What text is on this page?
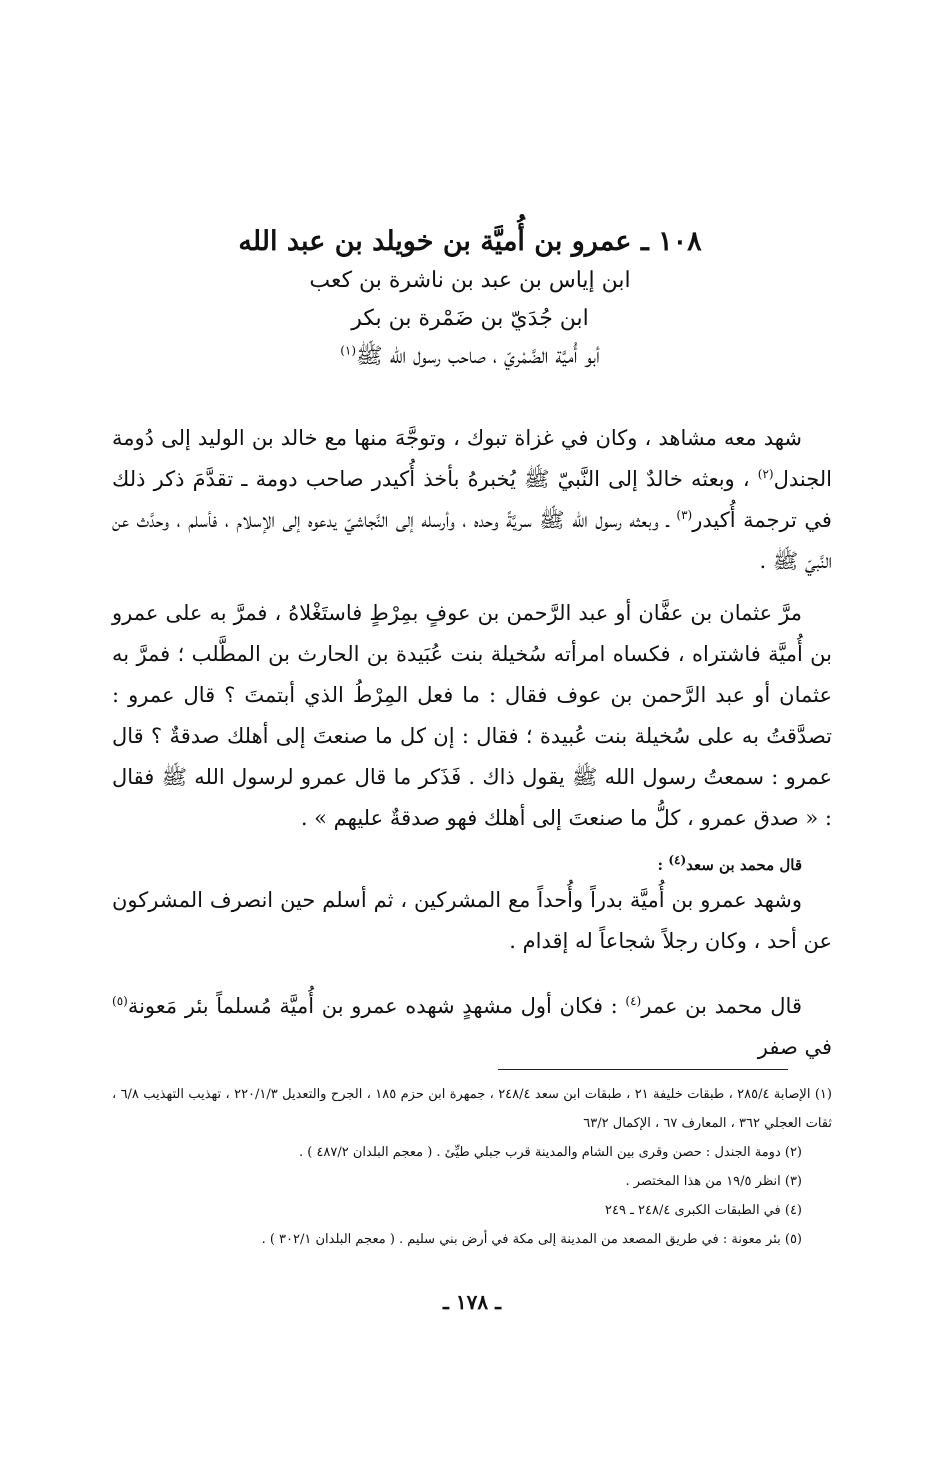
١٠٨ ـ عمرو بن أُميَّة بن خويلد بن عبد الله

ابن إياس بن عبد بن ناشرة بن كعب

ابن جُدَيّ بن ضَمْرة بن بكر

أبو أُميَّة الضَّمْريّ ، صاحب رسول الله ﷺ$^{(١)}$

شهد معه مشاهد ، وكان في غزاة تبوك ، وتوجَّهَ منها مع خالد بن الوليد إلى دُومة الجندل$^{(٢)}$ ، وبعثه خالدٌ إلى النَّبيّ ﷺ يُخبرهُ بأخذ أُكيدر صاحب دومة ـ تقدَّمَ ذكر ذلك في ترجمة أُكيدر$^{(٣)}$ ـ وبعثه رسول الله ﷺ سريَّةً وحده ، وأرسله إلى النَّجاشيّ يدعوه إلى الإسلام ، فأسلم ، وحدَّث عن النَّبيّ ﷺ .

مرَّ عثمان بن عفَّان أو عبد الرَّحمن بن عوفٍ بمِرْطٍ فاستَغْلاهُ ، فمرَّ به على عمرو بن أُميَّة فاشتراه ، فكساه امرأته سُخيلة بنت عُبَيدة بن الحارث بن المطَّلب ؛ فمرَّ به عثمان أو عبد الرَّحمن بن عوف فقال : ما فعل المِرْطُ الذي أبتمتَ ؟ قال عمرو : تصدَّقتُ به على سُخيلة بنت عُبيدة ؛ فقال : إن كل ما صنعتَ إلى أهلك صدقةٌ ؟ قال عمرو : سمعتُ رسول الله ﷺ يقول ذاك . فَذَكر ما قال عمرو لرسول الله ﷺ فقال : « صدق عمرو ، كلُّ ما صنعتَ إلى أهلك فهو صدقةٌ عليهم » .

قال محمد بن سعد$^{(٤)}$ :

وشهد عمرو بن أُميَّة بدراً وأُحداً مع المشركين ، ثم أسلم حين انصرف المشركون عن أحد ، وكان رجلاً شجاعاً له إقدام .

قال محمد بن عمر$^{(٤)}$ : فكان أول مشهدٍ شهده عمرو بن أُميَّة مُسلماً بئر مَعونة$^{(٥)}$ في صفر

(١) الإصابة ٢٨٥/٤ ، طبقات خليفة ٢١ ، طبقات ابن سعد ٢٤٨/٤ ، جمهرة ابن حزم ١٨٥ ، الجرح والتعديل ٢٢٠/١/٣ ، تهذيب التهذيب ٦/٨ ، ثقات العجلي ٣٦٢ ، المعارف ٦٧ ، الإكمال ٦٣/٢

(٢) دومة الجندل : حصن وقرى بين الشام والمدينة قرب جبلي طيِّئ . ( معجم البلدان ٤٨٧/٢ ) .

(٣) انظر ١٩/٥ من هذا المختصر .

(٤) في الطبقات الكبرى ٢٤٨/٤ ـ ٢٤٩

(٥) بئر معونة : في طريق المصعد من المدينة إلى مكة في أرض بني سليم . ( معجم البلدان ٣٠٢/١ ) .

ـ ١٧٨ ـ
